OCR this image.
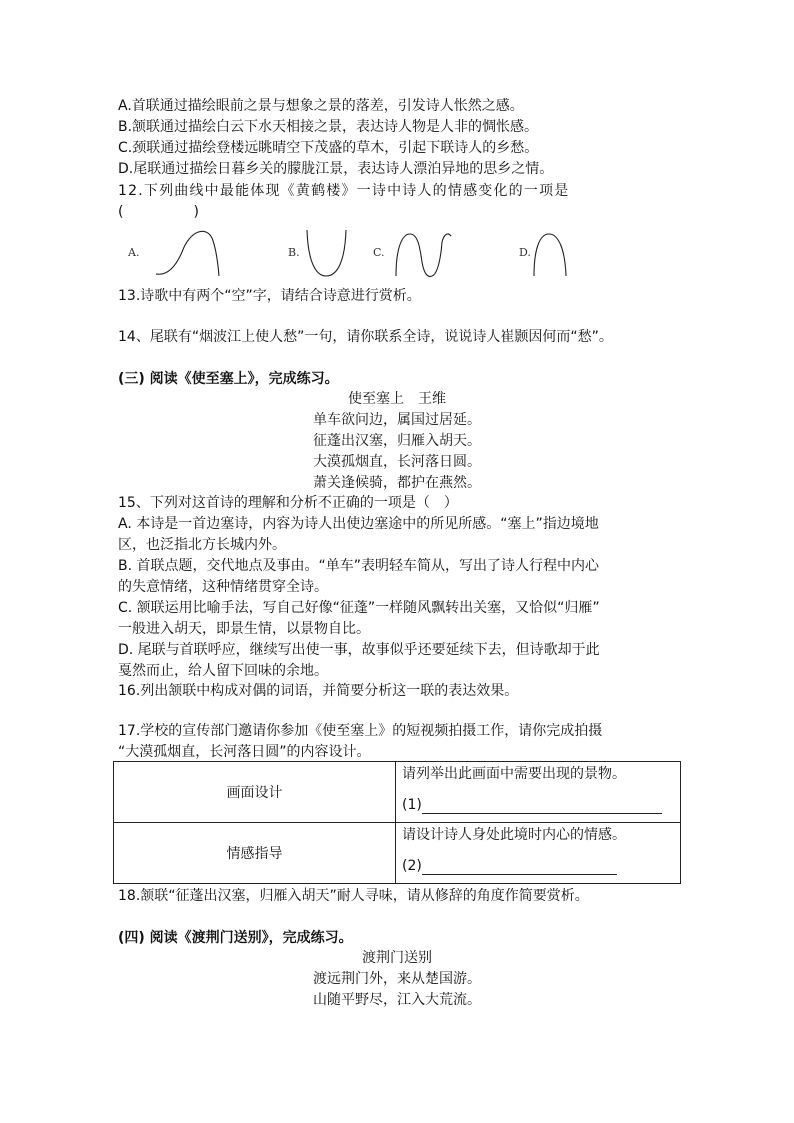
A.首联通过描绘眼前之景与想象之景的落差，引发诗人怅然之感。
B.颔联通过描绘白云下水天相接之景，表达诗人物是人非的惆怅感。
C.颈联通过描绘登楼远眺晴空下茂盛的草木，引起下联诗人的乡愁。
D.尾联通过描绘日暮乡关的朦胧江景，表达诗人漂泊异地的思乡之情。
12.下列曲线中最能体现《黄鹤楼》一诗中诗人的情感变化的一项是
(　　　　　)
A.	B.	C.	D.
13.诗歌中有两个“空”字，请结合诗意进行赏析。
14、尾联有“烟波江上使人愁”一句，请你联系全诗，说说诗人崔颢因何而“愁”。
(三) 阅读《使至塞上》，完成练习。
使至塞上　王维
单车欲问边，属国过居延。
征蓬出汉塞，归雁入胡天。
大漠孤烟直，长河落日圆。
萧关逢候骑，都护在燕然。
15、下列对这首诗的理解和分析不正确的一项是（　）
A. 本诗是一首边塞诗，内容为诗人出使边塞途中的所见所感。“塞上”指边境地
区，也泛指北方长城内外。
B. 首联点题，交代地点及事由。“单车”表明轻车简从，写出了诗人行程中内心
的失意情绪，这种情绪贯穿全诗。
C. 颔联运用比喻手法，写自己好像“征蓬”一样随风飘转出关塞，又恰似“归雁”
一般进入胡天，即景生情，以景物自比。
D. 尾联与首联呼应，继续写出使一事，故事似乎还要延续下去，但诗歌却于此
戛然而止，给人留下回味的余地。
16.列出颔联中构成对偶的词语，并简要分析这一联的表达效果。
17.学校的宣传部门邀请你参加《使至塞上》的短视频拍摄工作，请你完成拍摄
“大漠孤烟直，长河落日圆”的内容设计。
画面设计	请列举出此画面中需要出现的景物。
(1)

情感指导	请设计诗人身处此境时内心的情感。
(2)
18.颔联“征蓬出汉塞，归雁入胡天”耐人寻味，请从修辞的角度作简要赏析。
(四) 阅读《渡荆门送别》，完成练习。
渡荆门送别
渡远荆门外，来从楚国游。
山随平野尽，江入大荒流。
